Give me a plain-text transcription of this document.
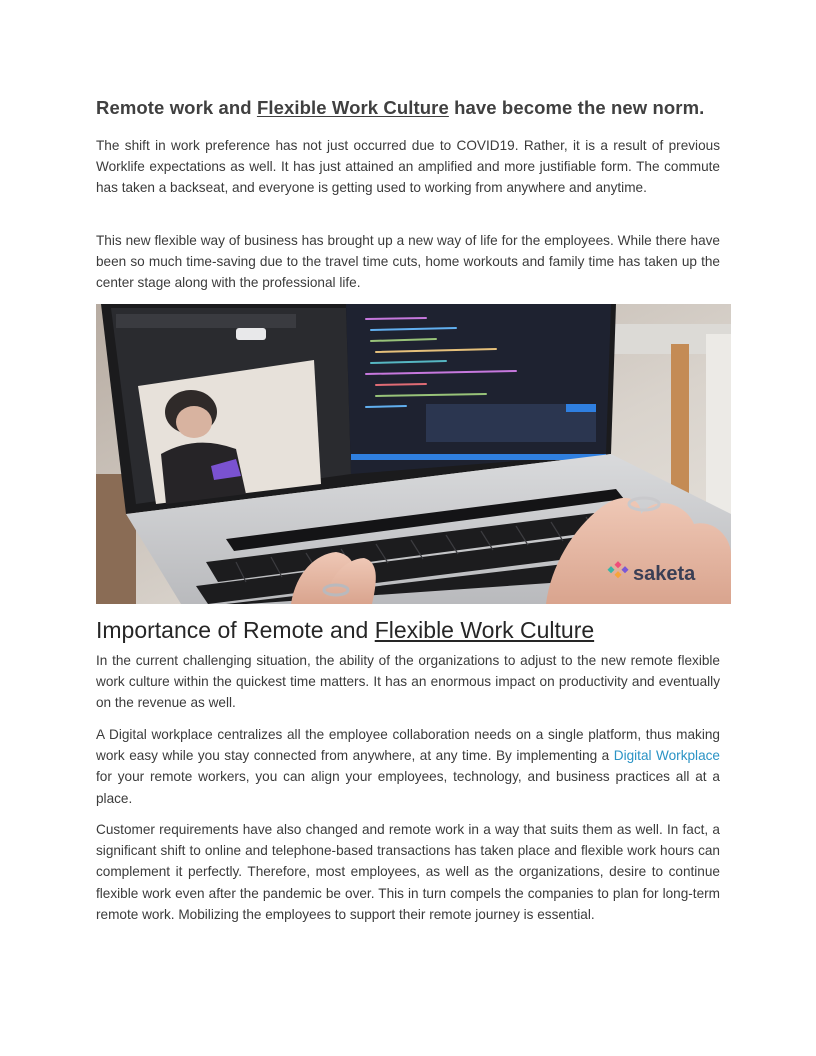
Remote work and Flexible Work Culture have become the new norm.

The shift in work preference has not just occurred due to COVID19. Rather, it is a result of previous Worklife expectations as well. It has just attained an amplified and more justifiable form. The commute has taken a backseat, and everyone is getting used to working from anywhere and anytime.

This new flexible way of business has brought up a new way of life for the employees. While there have been so much time-saving due to the travel time cuts, home workouts and family time has taken up the center stage along with the professional life.

saketa
Importance of Remote and Flexible Work Culture

In the current challenging situation, the ability of the organizations to adjust to the new remote flexible work culture within the quickest time matters. It has an enormous impact on productivity and eventually on the revenue as well.

A Digital workplace centralizes all the employee collaboration needs on a single platform, thus making work easy while you stay connected from anywhere, at any time. By implementing a Digital Workplace for your remote workers, you can align your employees, technology, and business practices all at a place.

Customer requirements have also changed and remote work in a way that suits them as well. In fact, a significant shift to online and telephone-based transactions has taken place and flexible work hours can complement it perfectly. Therefore, most employees, as well as the organizations, desire to continue flexible work even after the pandemic be over. This in turn compels the companies to plan for long-term remote work. Mobilizing the employees to support their remote journey is essential.
